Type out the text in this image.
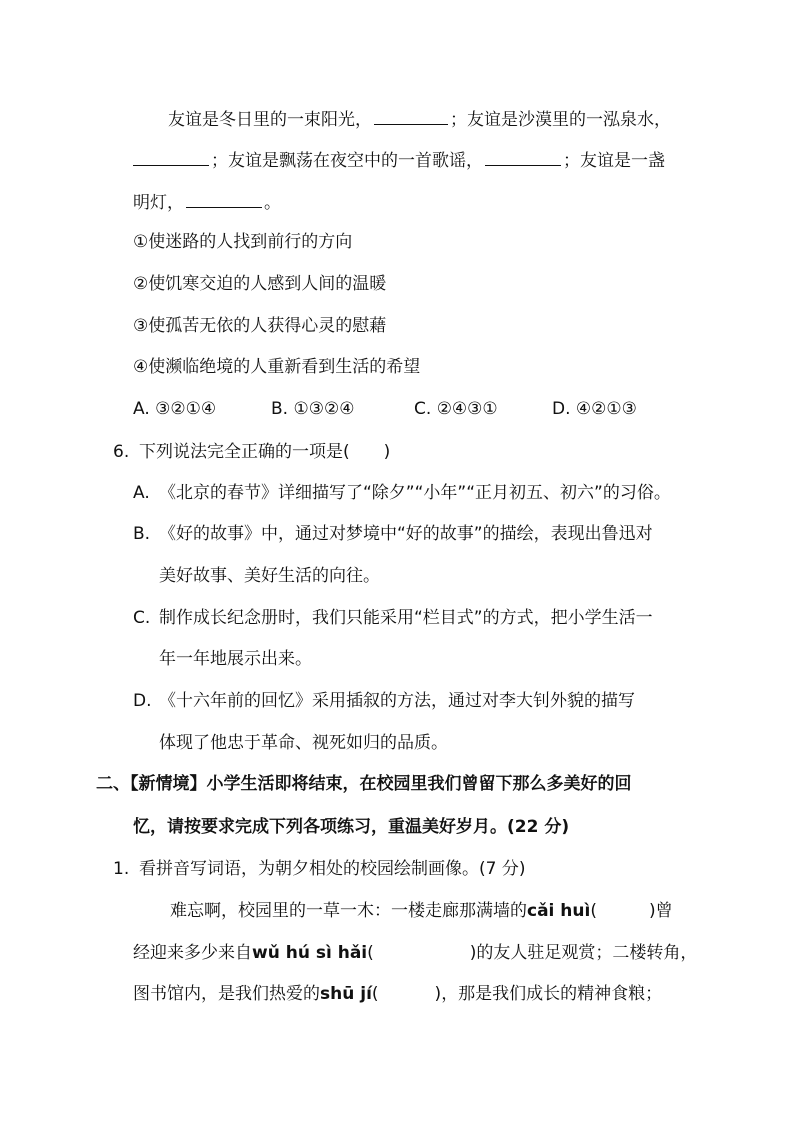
友谊是冬日里的一束阳光，	；友谊是沙漠里的一泓泉水，
；友谊是飘荡在夜空中的一首歌谣，	；友谊是一盏
明灯，	。
①使迷路的人找到前行的方向
②使饥寒交迫的人感到人间的温暖
③使孤苦无依的人获得心灵的慰藉
④使濒临绝境的人重新看到生活的希望
A. ③②①④	B. ①③②④	C. ②④③①	D. ④②①③
6. 下列说法完全正确的一项是(　　)
A. 《北京的春节》详细描写了“除夕”“小年”“正月初五、初六”的习俗。
B. 《好的故事》中，通过对梦境中“好的故事”的描绘，表现出鲁迅对
美好故事、美好生活的向往。
C. 制作成长纪念册时，我们只能采用“栏目式”的方式，把小学生活一
年一年地展示出来。
D. 《十六年前的回忆》采用插叙的方法，通过对李大钊外貌的描写
体现了他忠于革命、视死如归的品质。
二、【新情境】小学生活即将结束，在校园里我们曾留下那么多美好的回
忆，请按要求完成下列各项练习，重温美好岁月。(22 分)
1. 看拼音写词语，为朝夕相处的校园绘制画像。(7 分)
难忘啊，校园里的一草一木：一楼走廊那满墙的cǎi huì(	)曾
经迎来多少来自wǔ hú sì hǎi(	)的友人驻足观赏；二楼转角，
图书馆内，是我们热爱的shū jí(	)，那是我们成长的精神食粮；
